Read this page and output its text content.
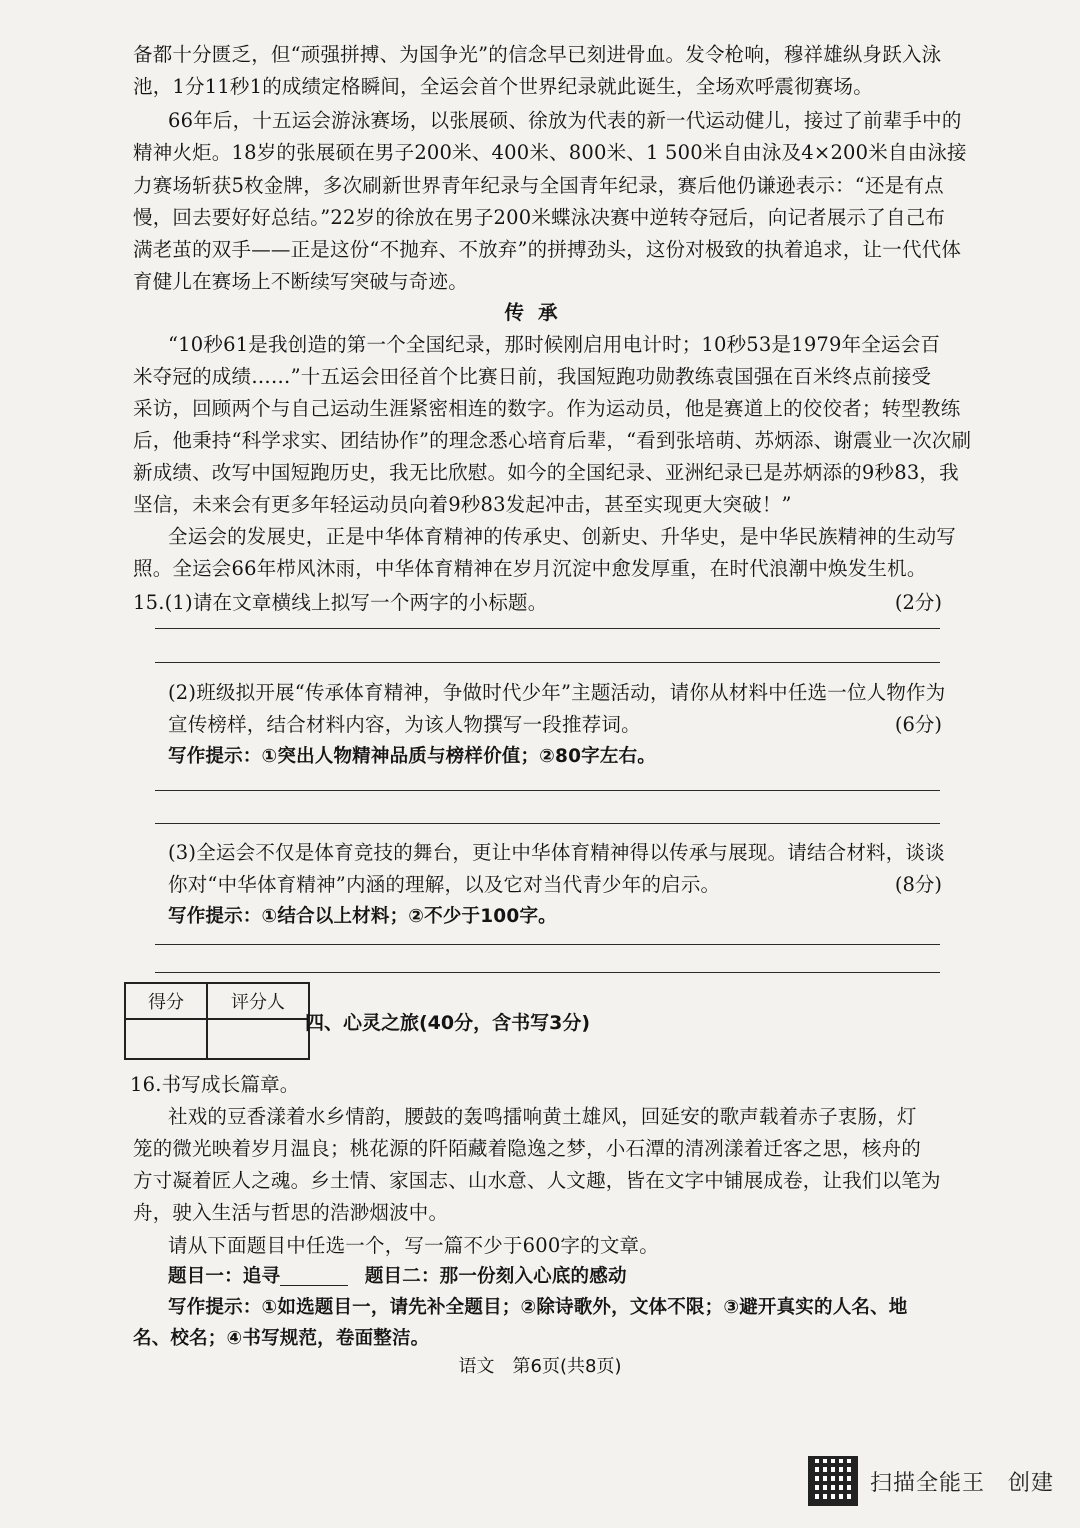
备都十分匮乏，但“顽强拼搏、为国争光”的信念早已刻进骨血。发令枪响，穆祥雄纵身跃入泳
池，1分11秒1的成绩定格瞬间，全运会首个世界纪录就此诞生，全场欢呼震彻赛场。
66年后，十五运会游泳赛场，以张展硕、徐放为代表的新一代运动健儿，接过了前辈手中的
精神火炬。18岁的张展硕在男子200米、400米、800米、1 500米自由泳及4×200米自由泳接
力赛场斩获5枚金牌，多次刷新世界青年纪录与全国青年纪录，赛后他仍谦逊表示：“还是有点
慢，回去要好好总结。”22岁的徐放在男子200米蝶泳决赛中逆转夺冠后，向记者展示了自己布
满老茧的双手——正是这份“不抛弃、不放弃”的拼搏劲头，这份对极致的执着追求，让一代代体
育健儿在赛场上不断续写突破与奇迹。
传承
“10秒61是我创造的第一个全国纪录，那时候刚启用电计时；10秒53是1979年全运会百
米夺冠的成绩……”十五运会田径首个比赛日前，我国短跑功勋教练袁国强在百米终点前接受
采访，回顾两个与自己运动生涯紧密相连的数字。作为运动员，他是赛道上的佼佼者；转型教练
后，他秉持“科学求实、团结协作”的理念悉心培育后辈，“看到张培萌、苏炳添、谢震业一次次刷
新成绩、改写中国短跑历史，我无比欣慰。如今的全国纪录、亚洲纪录已是苏炳添的9秒83，我
坚信，未来会有更多年轻运动员向着9秒83发起冲击，甚至实现更大突破！”
全运会的发展史，正是中华体育精神的传承史、创新史、升华史，是中华民族精神的生动写
照。全运会66年栉风沐雨，中华体育精神在岁月沉淀中愈发厚重，在时代浪潮中焕发生机。
15.(1)请在文章横线上拟写一个两字的小标题。	(2分)
(2)班级拟开展“传承体育精神，争做时代少年”主题活动，请你从材料中任选一位人物作为
宣传榜样，结合材料内容，为该人物撰写一段推荐词。	(6分)
写作提示：①突出人物精神品质与榜样价值；②80字左右。
(3)全运会不仅是体育竞技的舞台，更让中华体育精神得以传承与展现。请结合材料，谈谈
你对“中华体育精神”内涵的理解，以及它对当代青少年的启示。	(8分)
写作提示：①结合以上材料；②不少于100字。
得分	评分人

四、心灵之旅(40分，含书写3分)
16.书写成长篇章。
社戏的豆香漾着水乡情韵，腰鼓的轰鸣擂响黄土雄风，回延安的歌声载着赤子衷肠，灯
笼的微光映着岁月温良；桃花源的阡陌藏着隐逸之梦，小石潭的清冽漾着迁客之思，核舟的
方寸凝着匠人之魂。乡土情、家国志、山水意、人文趣，皆在文字中铺展成卷，让我们以笔为
舟，驶入生活与哲思的浩渺烟波中。
请从下面题目中任选一个，写一篇不少于600字的文章。
题目一：追寻	题目二：那一份刻入心底的感动
写作提示：①如选题目一，请先补全题目；②除诗歌外，文体不限；③避开真实的人名、地
名、校名；④书写规范，卷面整洁。
语文　第6页(共8页)
扫描全能王　创建
